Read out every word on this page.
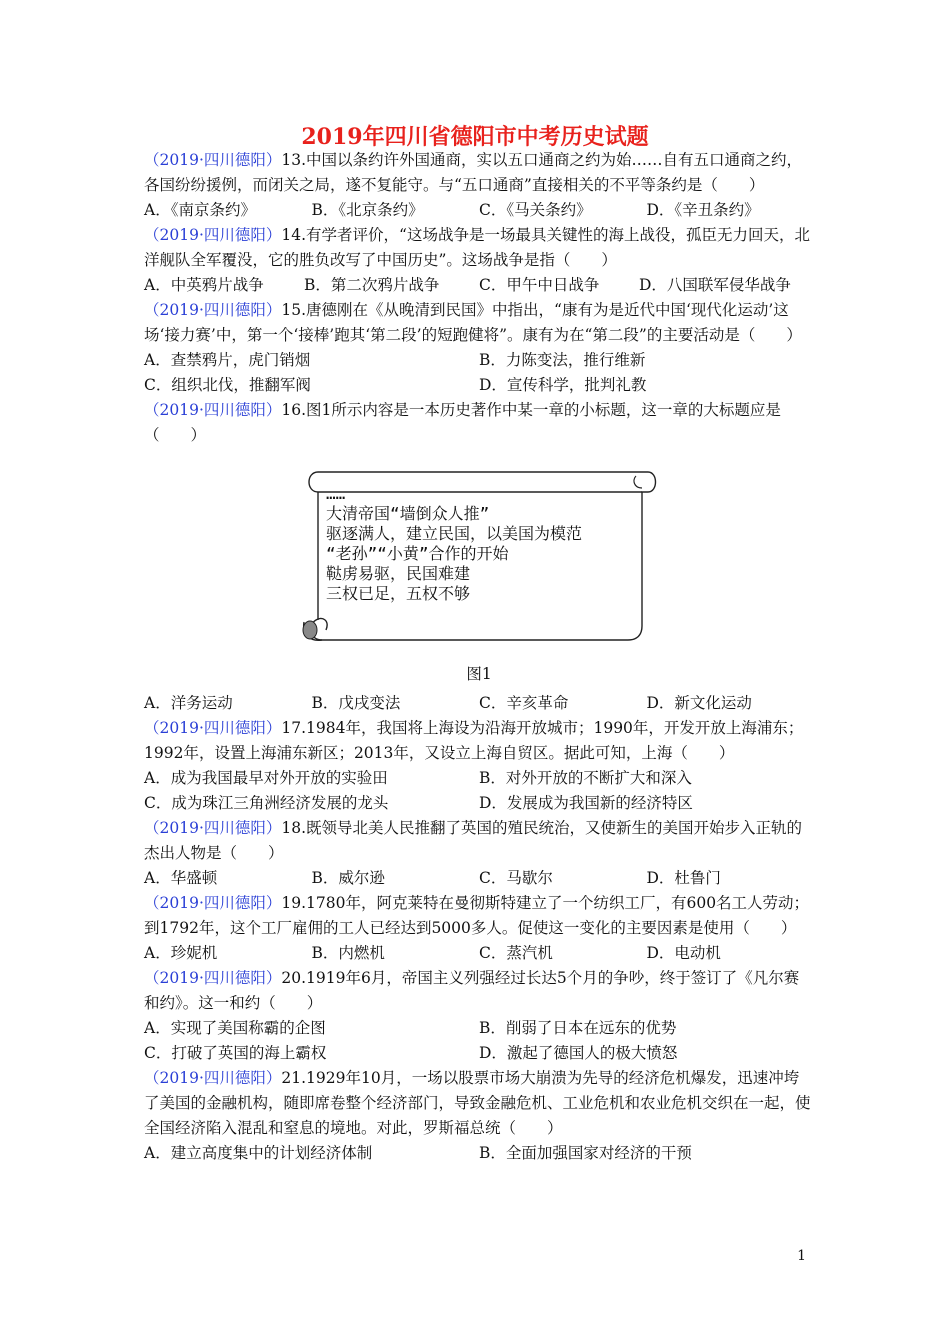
2019年四川省德阳市中考历史试题

（2019·四川德阳）13.中国以条约许外国通商，实以五口通商之约为始……自有五口通商之约，各国纷纷援例，而闭关之局，遂不复能守。与“五口通商”直接相关的不平等条约是（　　）

A．《南京条约》	B．《北京条约》	C．《马关条约》	D．《辛丑条约》

（2019·四川德阳）14.有学者评价，“这场战争是一场最具关键性的海上战役，孤臣无力回天，北洋舰队全军覆没，它的胜负改写了中国历史”。这场战争是指（　　）

A．中英鸦片战争	B．第二次鸦片战争	C．甲午中日战争	D．八国联军侵华战争

（2019·四川德阳）15.唐德刚在《从晚清到民国》中指出，“康有为是近代中国‘现代化运动’这场‘接力赛’中，第一个‘接棒’跑其‘第二段’的短跑健将”。康有为在“第二段”的主要活动是（　　）

A．查禁鸦片，虎门销烟	B．力陈变法，推行维新
C．组织北伐，推翻军阀	D．宣传科学，批判礼教

（2019·四川德阳）16.图1所示内容是一本历史著作中某一章的小标题，这一章的大标题应是（　　）

……
大清帝国“墙倒众人推”
驱逐满人，建立民国，以美国为模范
“老孙”“小黄”合作的开始
鞑虏易驱，民国难建
三权已足，五权不够
图1
A．洋务运动	B．戊戌变法	C．辛亥革命	D．新文化运动

（2019·四川德阳）17.1984年，我国将上海设为沿海开放城市；1990年，开发开放上海浦东；1992年，设置上海浦东新区；2013年，又设立上海自贸区。据此可知，上海（　　）

A．成为我国最早对外开放的实验田	B．对外开放的不断扩大和深入
C．成为珠江三角洲经济发展的龙头	D．发展成为我国新的经济特区

（2019·四川德阳）18.既领导北美人民推翻了英国的殖民统治，又使新生的美国开始步入正轨的杰出人物是（　　）

A．华盛顿	B．威尔逊	C．马歇尔	D．杜鲁门

（2019·四川德阳）19.1780年，阿克莱特在曼彻斯特建立了一个纺织工厂，有600名工人劳动；到1792年，这个工厂雇佣的工人已经达到5000多人。促使这一变化的主要因素是使用（　　）

A．珍妮机	B．内燃机	C．蒸汽机	D．电动机

（2019·四川德阳）20.1919年6月，帝国主义列强经过长达5个月的争吵，终于签订了《凡尔赛和约》。这一和约（　　）

A．实现了美国称霸的企图	B．削弱了日本在远东的优势
C．打破了英国的海上霸权	D．激起了德国人的极大愤怒

（2019·四川德阳）21.1929年10月，一场以股票市场大崩溃为先导的经济危机爆发，迅速冲垮了美国的金融机构，随即席卷整个经济部门，导致金融危机、工业危机和农业危机交织在一起，使全国经济陷入混乱和窒息的境地。对此，罗斯福总统（　　）

A．建立高度集中的计划经济体制	B．全面加强国家对经济的干预
1
